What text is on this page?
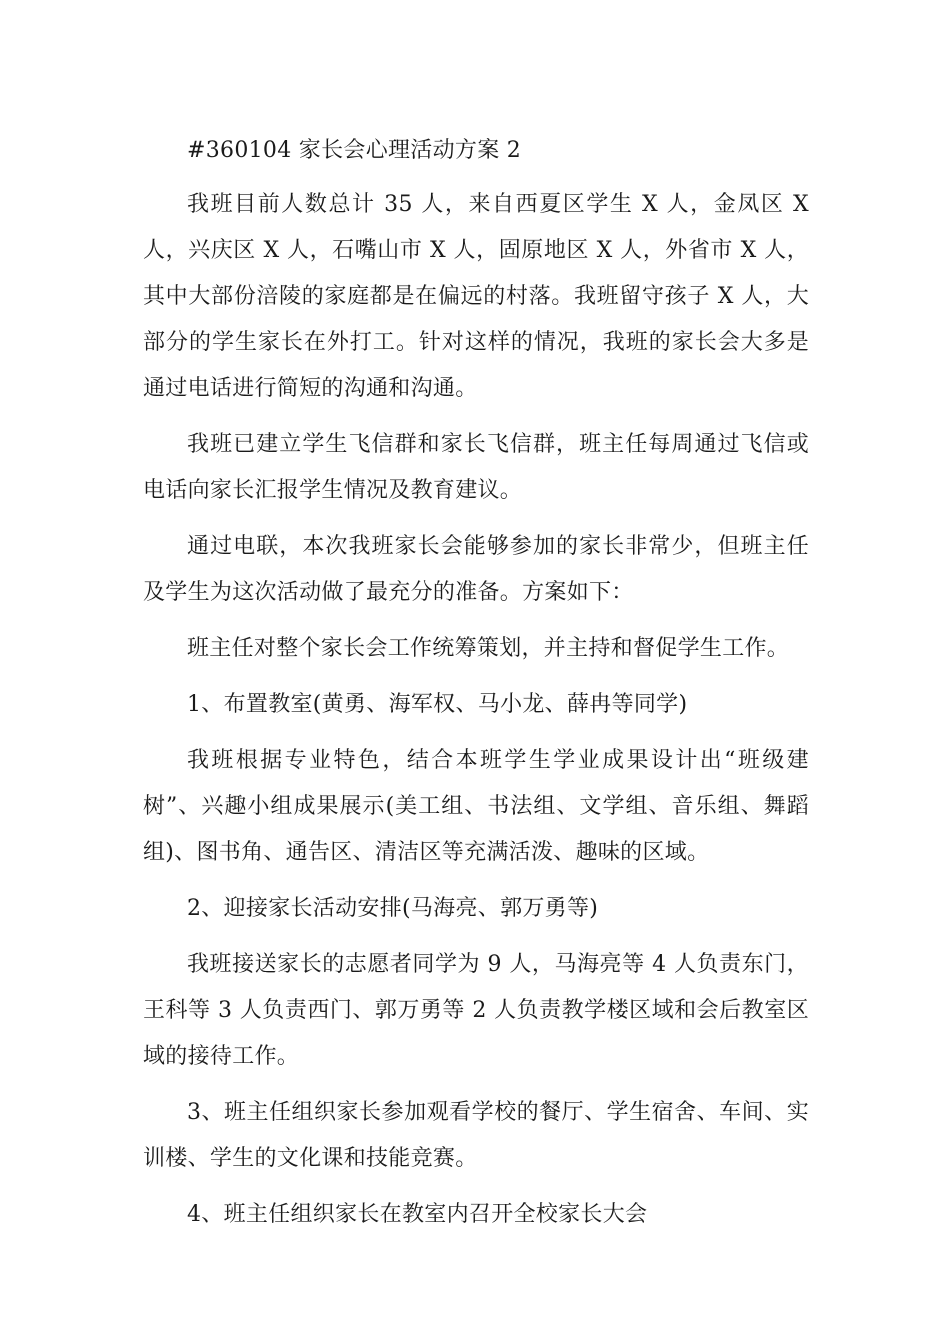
#360104 家长会心理活动方案 2

我班目前人数总计 35 人，来自西夏区学生 X 人，金凤区 X 人，兴庆区 X 人，石嘴山市 X 人，固原地区 X 人，外省市 X 人，其中大部份涪陵的家庭都是在偏远的村落。我班留守孩子 X 人，大部分的学生家长在外打工。针对这样的情况，我班的家长会大多是通过电话进行简短的沟通和沟通。

我班已建立学生飞信群和家长飞信群，班主任每周通过飞信或电话向家长汇报学生情况及教育建议。

通过电联，本次我班家长会能够参加的家长非常少，但班主任及学生为这次活动做了最充分的准备。方案如下：

班主任对整个家长会工作统筹策划，并主持和督促学生工作。

1、布置教室(黄勇、海军权、马小龙、薛冉等同学)

我班根据专业特色，结合本班学生学业成果设计出“班级建树”、兴趣小组成果展示(美工组、书法组、文学组、音乐组、舞蹈组)、图书角、通告区、清洁区等充满活泼、趣味的区域。

2、迎接家长活动安排(马海亮、郭万勇等)

我班接送家长的志愿者同学为 9 人，马海亮等 4 人负责东门，王科等 3 人负责西门、郭万勇等 2 人负责教学楼区域和会后教室区域的接待工作。

3、班主任组织家长参加观看学校的餐厅、学生宿舍、车间、实训楼、学生的文化课和技能竞赛。

4、班主任组织家长在教室内召开全校家长大会
